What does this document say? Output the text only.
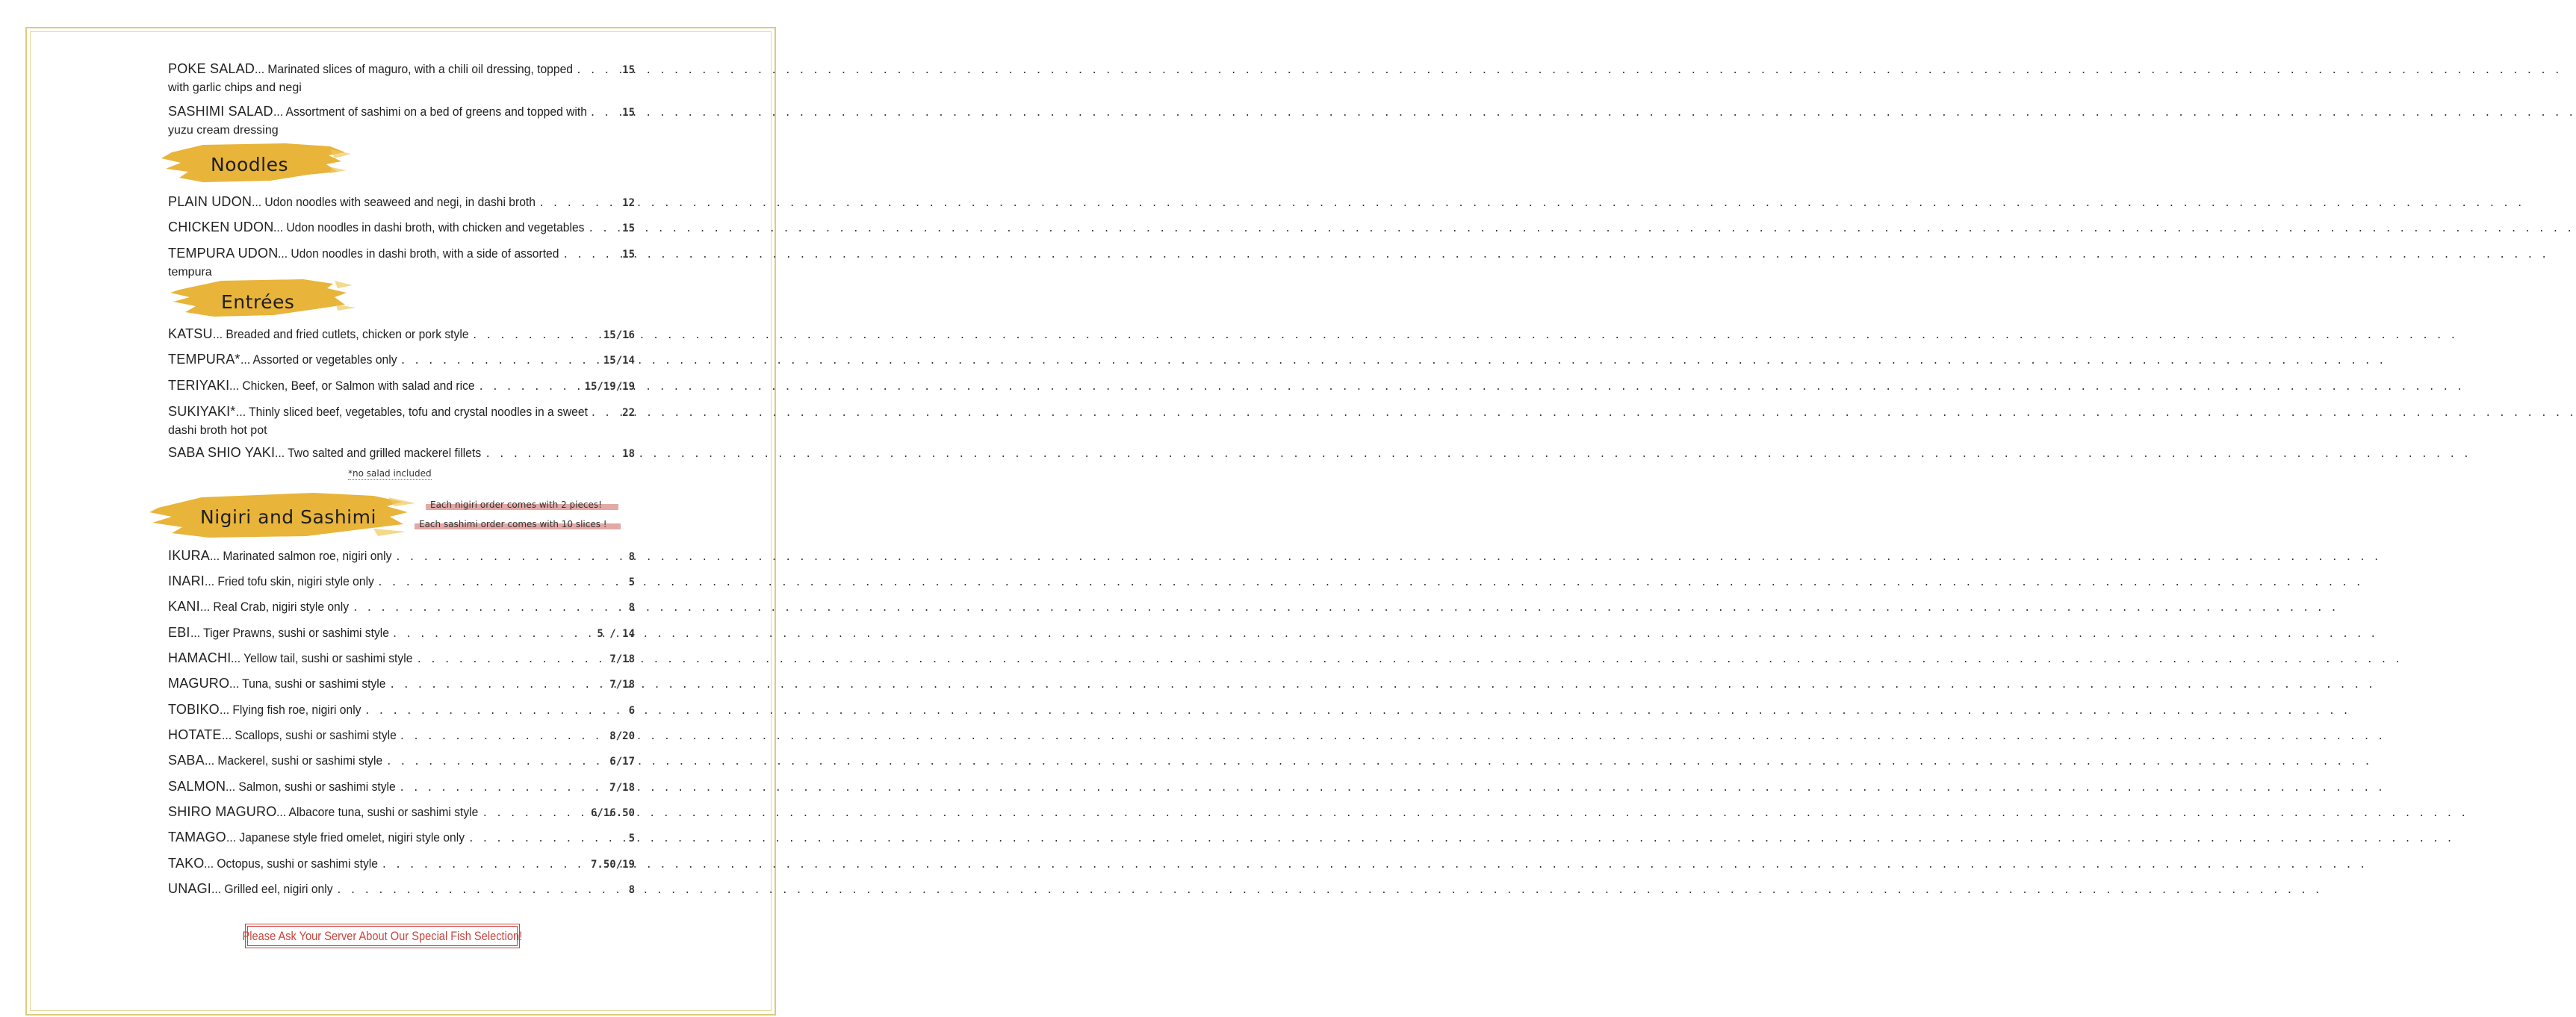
POKE SALAD ... Marinated slices of maguro, with a chili oil dressing, topped . . .	15
with garlic chips and negi
SASHIMI SALAD ... Assortment of sashimi on a bed of greens and topped with . . .	15
yuzu cream dressing
Noodles
PLAIN UDON ... Udon noodles with seaweed and negi, in dashi broth . . .	12
CHICKEN UDON ... Udon noodles in dashi broth, with chicken and vegetables . . .	15
TEMPURA UDON ... Udon noodles in dashi broth, with a side of assorted . . .	15
tempura
Entrées
KATSU ... Breaded and fried cutlets, chicken or pork style . . .	15/16
TEMPURA* ... Assorted or vegetables only . . .	15/14
TERIYAKI ... Chicken, Beef, or Salmon with salad and rice . . .	15/19/19
SUKIYAKI* ... Thinly sliced beef, vegetables, tofu and crystal noodles in a sweet . . .	22
dashi broth hot pot
SABA SHIO YAKI ... Two salted and grilled mackerel fillets . . .	18
*no salad included
Nigiri and Sashimi
Each nigiri order comes with 2 pieces!
Each sashimi order comes with 10 slices !
IKURA ... Marinated salmon roe, nigiri only . . .	8
INARI ... Fried tofu skin, nigiri style only . . .	5
KANI ... Real Crab, nigiri style only . . .	8
EBI ... Tiger Prawns, sushi or sashimi style . . .	5 / 14
HAMACHI ... Yellow tail, sushi or sashimi style . . .	7/18
MAGURO ... Tuna, sushi or sashimi style . . .	7/18
TOBIKO ... Flying fish roe, nigiri only . . .	6
HOTATE ... Scallops, sushi or sashimi style . . .	8/20
SABA ... Mackerel, sushi or sashimi style . . .	6/17
SALMON ... Salmon, sushi or sashimi style . . .	7/18
SHIRO MAGURO ... Albacore tuna, sushi or sashimi style . . .	6/16.50
TAMAGO ... Japanese style fried omelet, nigiri style only . . .	5
TAKO ... Octopus, sushi or sashimi style . . .	7.50/19
UNAGI ... Grilled eel, nigiri only . . .	8
Please Ask Your Server About Our Special Fish Selection!
